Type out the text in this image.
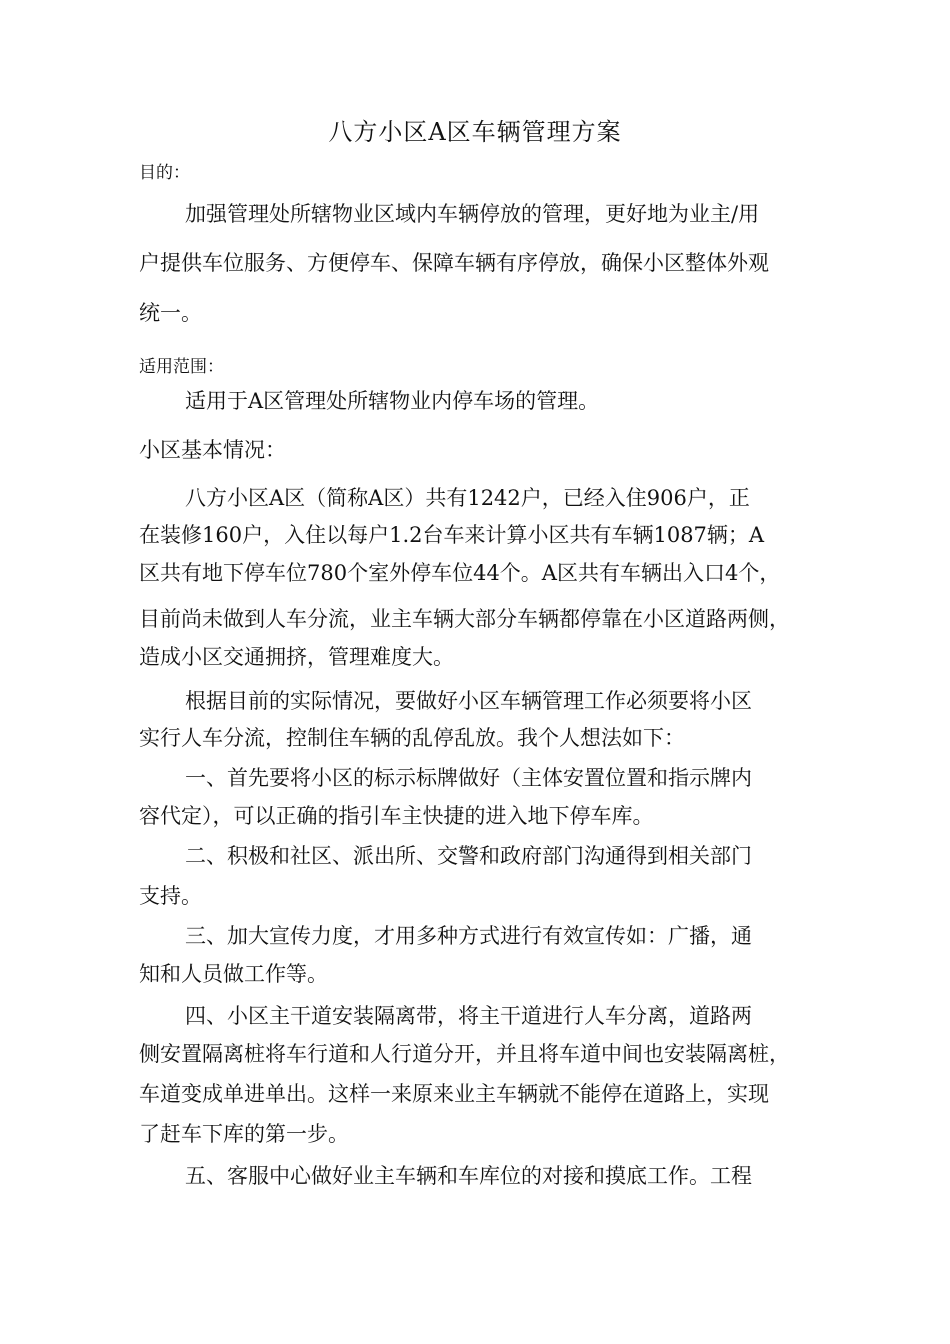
八方小区A区车辆管理方案
目的：
加强管理处所辖物业区域内车辆停放的管理，更好地为业主/用
户提供车位服务、方便停车、保障车辆有序停放，确保小区整体外观
统一。
适用范围：
适用于A区管理处所辖物业内停车场的管理。
小区基本情况：
八方小区A区（简称A区）共有1242户，已经入住906户，正
在装修160户，入住以每户1.2台车来计算小区共有车辆1087辆；A
区共有地下停车位780个室外停车位44个。A区共有车辆出入口4个，
目前尚未做到人车分流，业主车辆大部分车辆都停靠在小区道路两侧，
造成小区交通拥挤，管理难度大。
根据目前的实际情况，要做好小区车辆管理工作必须要将小区
实行人车分流，控制住车辆的乱停乱放。我个人想法如下：
一、首先要将小区的标示标牌做好（主体安置位置和指示牌内
容代定），可以正确的指引车主快捷的进入地下停车库。
二、积极和社区、派出所、交警和政府部门沟通得到相关部门
支持。
三、加大宣传力度，才用多种方式进行有效宣传如：广播，通
知和人员做工作等。
四、小区主干道安装隔离带，将主干道进行人车分离，道路两
侧安置隔离桩将车行道和人行道分开，并且将车道中间也安装隔离桩，
车道变成单进单出。这样一来原来业主车辆就不能停在道路上，实现
了赶车下库的第一步。
五、客服中心做好业主车辆和车库位的对接和摸底工作。工程
